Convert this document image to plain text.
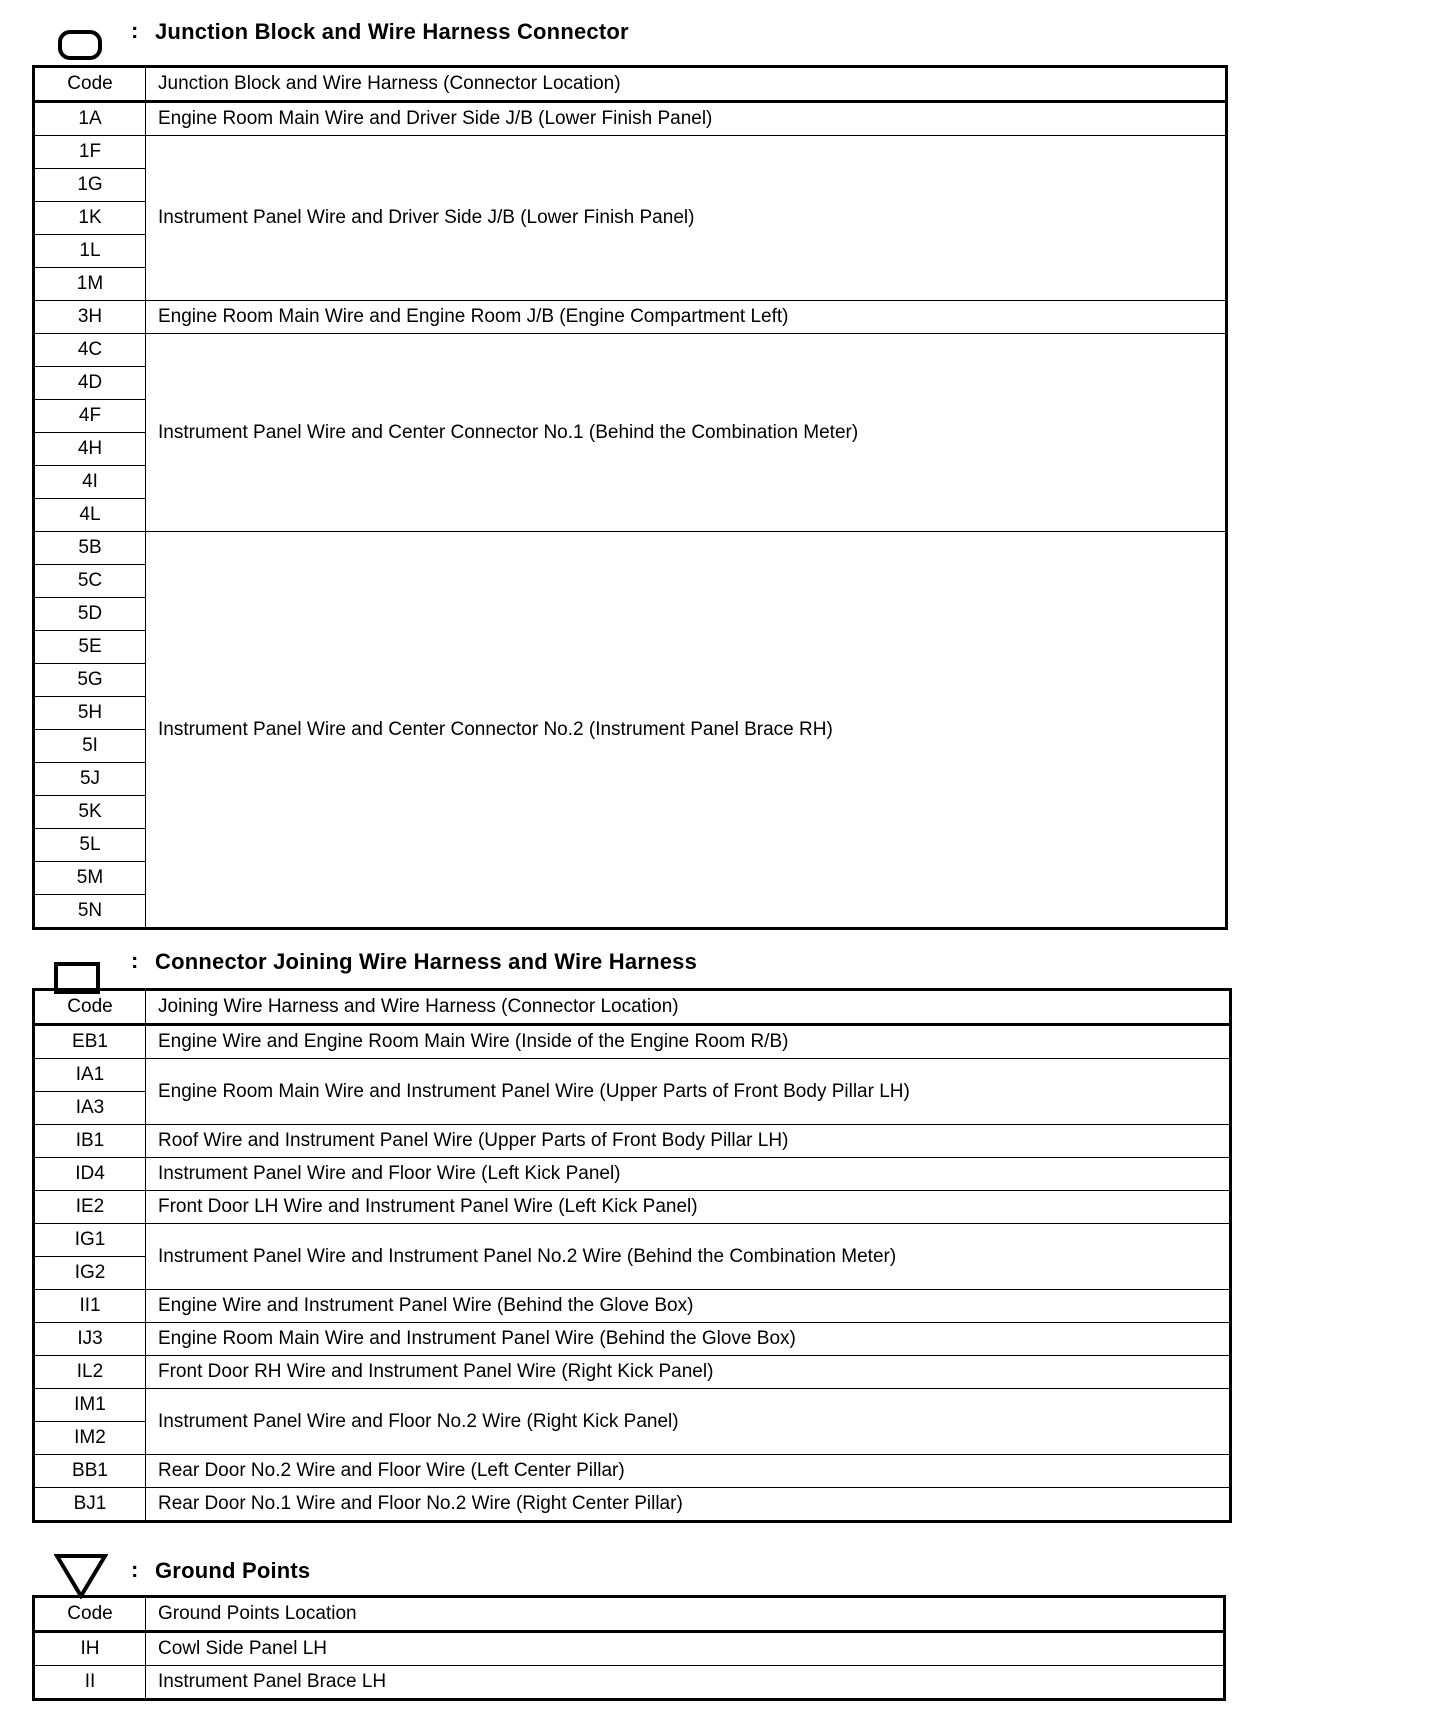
: Junction Block and Wire Harness Connector
Code	Junction Block and Wire Harness (Connector Location)
1A	Engine Room Main Wire and Driver Side J/B (Lower Finish Panel)
1F	Instrument Panel Wire and Driver Side J/B (Lower Finish Panel)
1G	
1K	
1L	
1M	
3H	Engine Room Main Wire and Engine Room J/B (Engine Compartment Left)
4C	Instrument Panel Wire and Center Connector No.1 (Behind the Combination Meter)
4D	
4F	
4H	
4I	
4L	
5B	Instrument Panel Wire and Center Connector No.2 (Instrument Panel Brace RH)
5C	
5D	
5E	
5G	
5H	
5I	
5J	
5K	
5L	
5M	
5N	
: Connector Joining Wire Harness and Wire Harness
Code	Joining Wire Harness and Wire Harness (Connector Location)
EB1	Engine Wire and Engine Room Main Wire (Inside of the Engine Room R/B)
IA1	Engine Room Main Wire and Instrument Panel Wire (Upper Parts of Front Body Pillar LH)
IA3	
IB1	Roof Wire and Instrument Panel Wire (Upper Parts of Front Body Pillar LH)
ID4	Instrument Panel Wire and Floor Wire (Left Kick Panel)
IE2	Front Door LH Wire and Instrument Panel Wire (Left Kick Panel)
IG1	Instrument Panel Wire and Instrument Panel No.2 Wire (Behind the Combination Meter)
IG2	
II1	Engine Wire and Instrument Panel Wire (Behind the Glove Box)
IJ3	Engine Room Main Wire and Instrument Panel Wire (Behind the Glove Box)
IL2	Front Door RH Wire and Instrument Panel Wire (Right Kick Panel)
IM1	Instrument Panel Wire and Floor No.2 Wire (Right Kick Panel)
IM2	
BB1	Rear Door No.2 Wire and Floor Wire (Left Center Pillar)
BJ1	Rear Door No.1 Wire and Floor No.2 Wire (Right Center Pillar)
: Ground Points
Code	Ground Points Location
IH	Cowl Side Panel LH
II	Instrument Panel Brace LH
